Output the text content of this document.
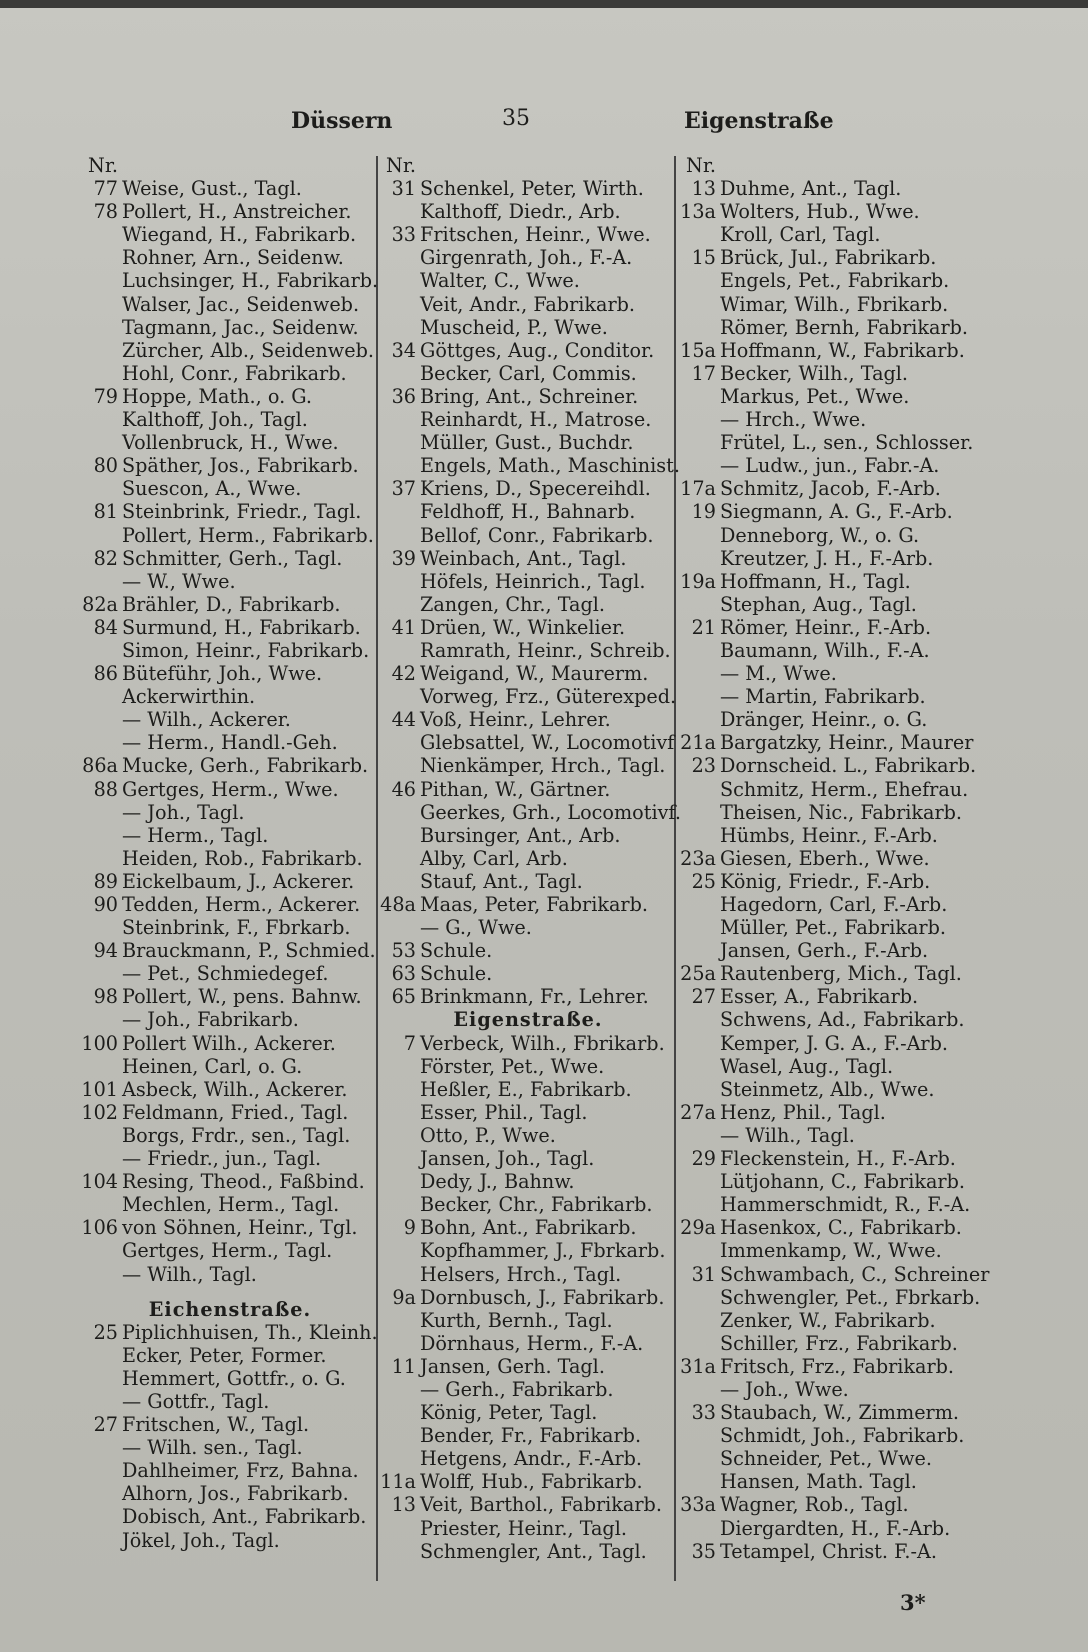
Düssern	35	Eigenstraße
Nr.
77 Weise, Gust., Tagl.
78 Pollert, H., Anstreicher.
Wiegand, H., Fabrikarb.
Rohner, Arn., Seidenw.
Luchsinger, H., Fabrikarb.
Walser, Jac., Seidenweb.
Tagmann, Jac., Seidenw.
Zürcher, Alb., Seidenweb.
Hohl, Conr., Fabrikarb.
79 Hoppe, Math., o. G.
Kalthoff, Joh., Tagl.
Vollenbruck, H., Wwe.
80 Späther, Jos., Fabrikarb.
Suescon, A., Wwe.
81 Steinbrink, Friedr., Tagl.
Pollert, Herm., Fabrikarb.
82 Schmitter, Gerh., Tagl.
— W., Wwe.
82a Brähler, D., Fabrikarb.
84 Surmund, H., Fabrikarb.
Simon, Heinr., Fabrikarb.
86 Büteführ, Joh., Wwe.
Ackerwirthin.
— Wilh., Ackerer.
— Herm., Handl.-Geh.
86a Mucke, Gerh., Fabrikarb.
88 Gertges, Herm., Wwe.
— Joh., Tagl.
— Herm., Tagl.
Heiden, Rob., Fabrikarb.
89 Eickelbaum, J., Ackerer.
90 Tedden, Herm., Ackerer.
Steinbrink, F., Fbrkarb.
94 Brauckmann, P., Schmied.
— Pet., Schmiedegef.
98 Pollert, W., pens. Bahnw.
— Joh., Fabrikarb.
100 Pollert Wilh., Ackerer.
Heinen, Carl, o. G.
101 Asbeck, Wilh., Ackerer.
102 Feldmann, Fried., Tagl.
Borgs, Frdr., sen., Tagl.
— Friedr., jun., Tagl.
104 Resing, Theod., Faßbind.
Mechlen, Herm., Tagl.
106 von Söhnen, Heinr., Tgl.
Gertges, Herm., Tagl.
— Wilh., Tagl.
Eichenstraße.
25 Piplichhuisen, Th., Kleinh.
Ecker, Peter, Former.
Hemmert, Gottfr., o. G.
— Gottfr., Tagl.
27 Fritschen, W., Tagl.
— Wilh. sen., Tagl.
Dahlheimer, Frz, Bahna.
Alhorn, Jos., Fabrikarb.
Dobisch, Ant., Fabrikarb.
Jökel, Joh., Tagl.
Nr.
31 Schenkel, Peter, Wirth.
Kalthoff, Diedr., Arb.
33 Fritschen, Heinr., Wwe.
Girgenrath, Joh., F.-A.
Walter, C., Wwe.
Veit, Andr., Fabrikarb.
Muscheid, P., Wwe.
34 Göttges, Aug., Conditor.
Becker, Carl, Commis.
36 Bring, Ant., Schreiner.
Reinhardt, H., Matrose.
Müller, Gust., Buchdr.
Engels, Math., Maschinist.
37 Kriens, D., Specereihdl.
Feldhoff, H., Bahnarb.
Bellof, Conr., Fabrikarb.
39 Weinbach, Ant., Tagl.
Höfels, Heinrich., Tagl.
Zangen, Chr., Tagl.
41 Drüen, W., Winkelier.
Ramrath, Heinr., Schreib.
42 Weigand, W., Maurerm.
Vorweg, Frz., Güterexped.
44 Voß, Heinr., Lehrer.
Glebsattel, W., Locomotivf
Nienkämper, Hrch., Tagl.
46 Pithan, W., Gärtner.
Geerkes, Grh., Locomotivf.
Bursinger, Ant., Arb.
Alby, Carl, Arb.
Stauf, Ant., Tagl.
48a Maas, Peter, Fabrikarb.
— G., Wwe.
53 Schule.
63 Schule.
65 Brinkmann, Fr., Lehrer.
Eigenstraße.
7 Verbeck, Wilh., Fbrikarb.
Förster, Pet., Wwe.
Heßler, E., Fabrikarb.
Esser, Phil., Tagl.
Otto, P., Wwe.
Jansen, Joh., Tagl.
Dedy, J., Bahnw.
Becker, Chr., Fabrikarb.
9 Bohn, Ant., Fabrikarb.
Kopfhammer, J., Fbrkarb.
Helsers, Hrch., Tagl.
9a Dornbusch, J., Fabrikarb.
Kurth, Bernh., Tagl.
Dörnhaus, Herm., F.-A.
11 Jansen, Gerh. Tagl.
— Gerh., Fabrikarb.
König, Peter, Tagl.
Bender, Fr., Fabrikarb.
Hetgens, Andr., F.-Arb.
11a Wolff, Hub., Fabrikarb.
13 Veit, Barthol., Fabrikarb.
Priester, Heinr., Tagl.
Schmengler, Ant., Tagl.
Nr.
13 Duhme, Ant., Tagl.
13a Wolters, Hub., Wwe.
Kroll, Carl, Tagl.
15 Brück, Jul., Fabrikarb.
Engels, Pet., Fabrikarb.
Wimar, Wilh., Fbrikarb.
Römer, Bernh, Fabrikarb.
15a Hoffmann, W., Fabrikarb.
17 Becker, Wilh., Tagl.
Markus, Pet., Wwe.
— Hrch., Wwe.
Frütel, L., sen., Schlosser.
— Ludw., jun., Fabr.-A.
17a Schmitz, Jacob, F.-Arb.
19 Siegmann, A. G., F.-Arb.
Denneborg, W., o. G.
Kreutzer, J. H., F.-Arb.
19a Hoffmann, H., Tagl.
Stephan, Aug., Tagl.
21 Römer, Heinr., F.-Arb.
Baumann, Wilh., F.-A.
— M., Wwe.
— Martin, Fabrikarb.
Dränger, Heinr., o. G.
21a Bargatzky, Heinr., Maurer
23 Dornscheid. L., Fabrikarb.
Schmitz, Herm., Ehefrau.
Theisen, Nic., Fabrikarb.
Hümbs, Heinr., F.-Arb.
23a Giesen, Eberh., Wwe.
25 König, Friedr., F.-Arb.
Hagedorn, Carl, F.-Arb.
Müller, Pet., Fabrikarb.
Jansen, Gerh., F.-Arb.
25a Rautenberg, Mich., Tagl.
27 Esser, A., Fabrikarb.
Schwens, Ad., Fabrikarb.
Kemper, J. G. A., F.-Arb.
Wasel, Aug., Tagl.
Steinmetz, Alb., Wwe.
27a Henz, Phil., Tagl.
— Wilh., Tagl.
29 Fleckenstein, H., F.-Arb.
Lütjohann, C., Fabrikarb.
Hammerschmidt, R., F.-A.
29a Hasenkox, C., Fabrikarb.
Immenkamp, W., Wwe.
31 Schwambach, C., Schreiner
Schwengler, Pet., Fbrkarb.
Zenker, W., Fabrikarb.
Schiller, Frz., Fabrikarb.
31a Fritsch, Frz., Fabrikarb.
— Joh., Wwe.
33 Staubach, W., Zimmerm.
Schmidt, Joh., Fabrikarb.
Schneider, Pet., Wwe.
Hansen, Math. Tagl.
33a Wagner, Rob., Tagl.
Diergardten, H., F.-Arb.
35 Tetampel, Christ. F.-A.
3*
